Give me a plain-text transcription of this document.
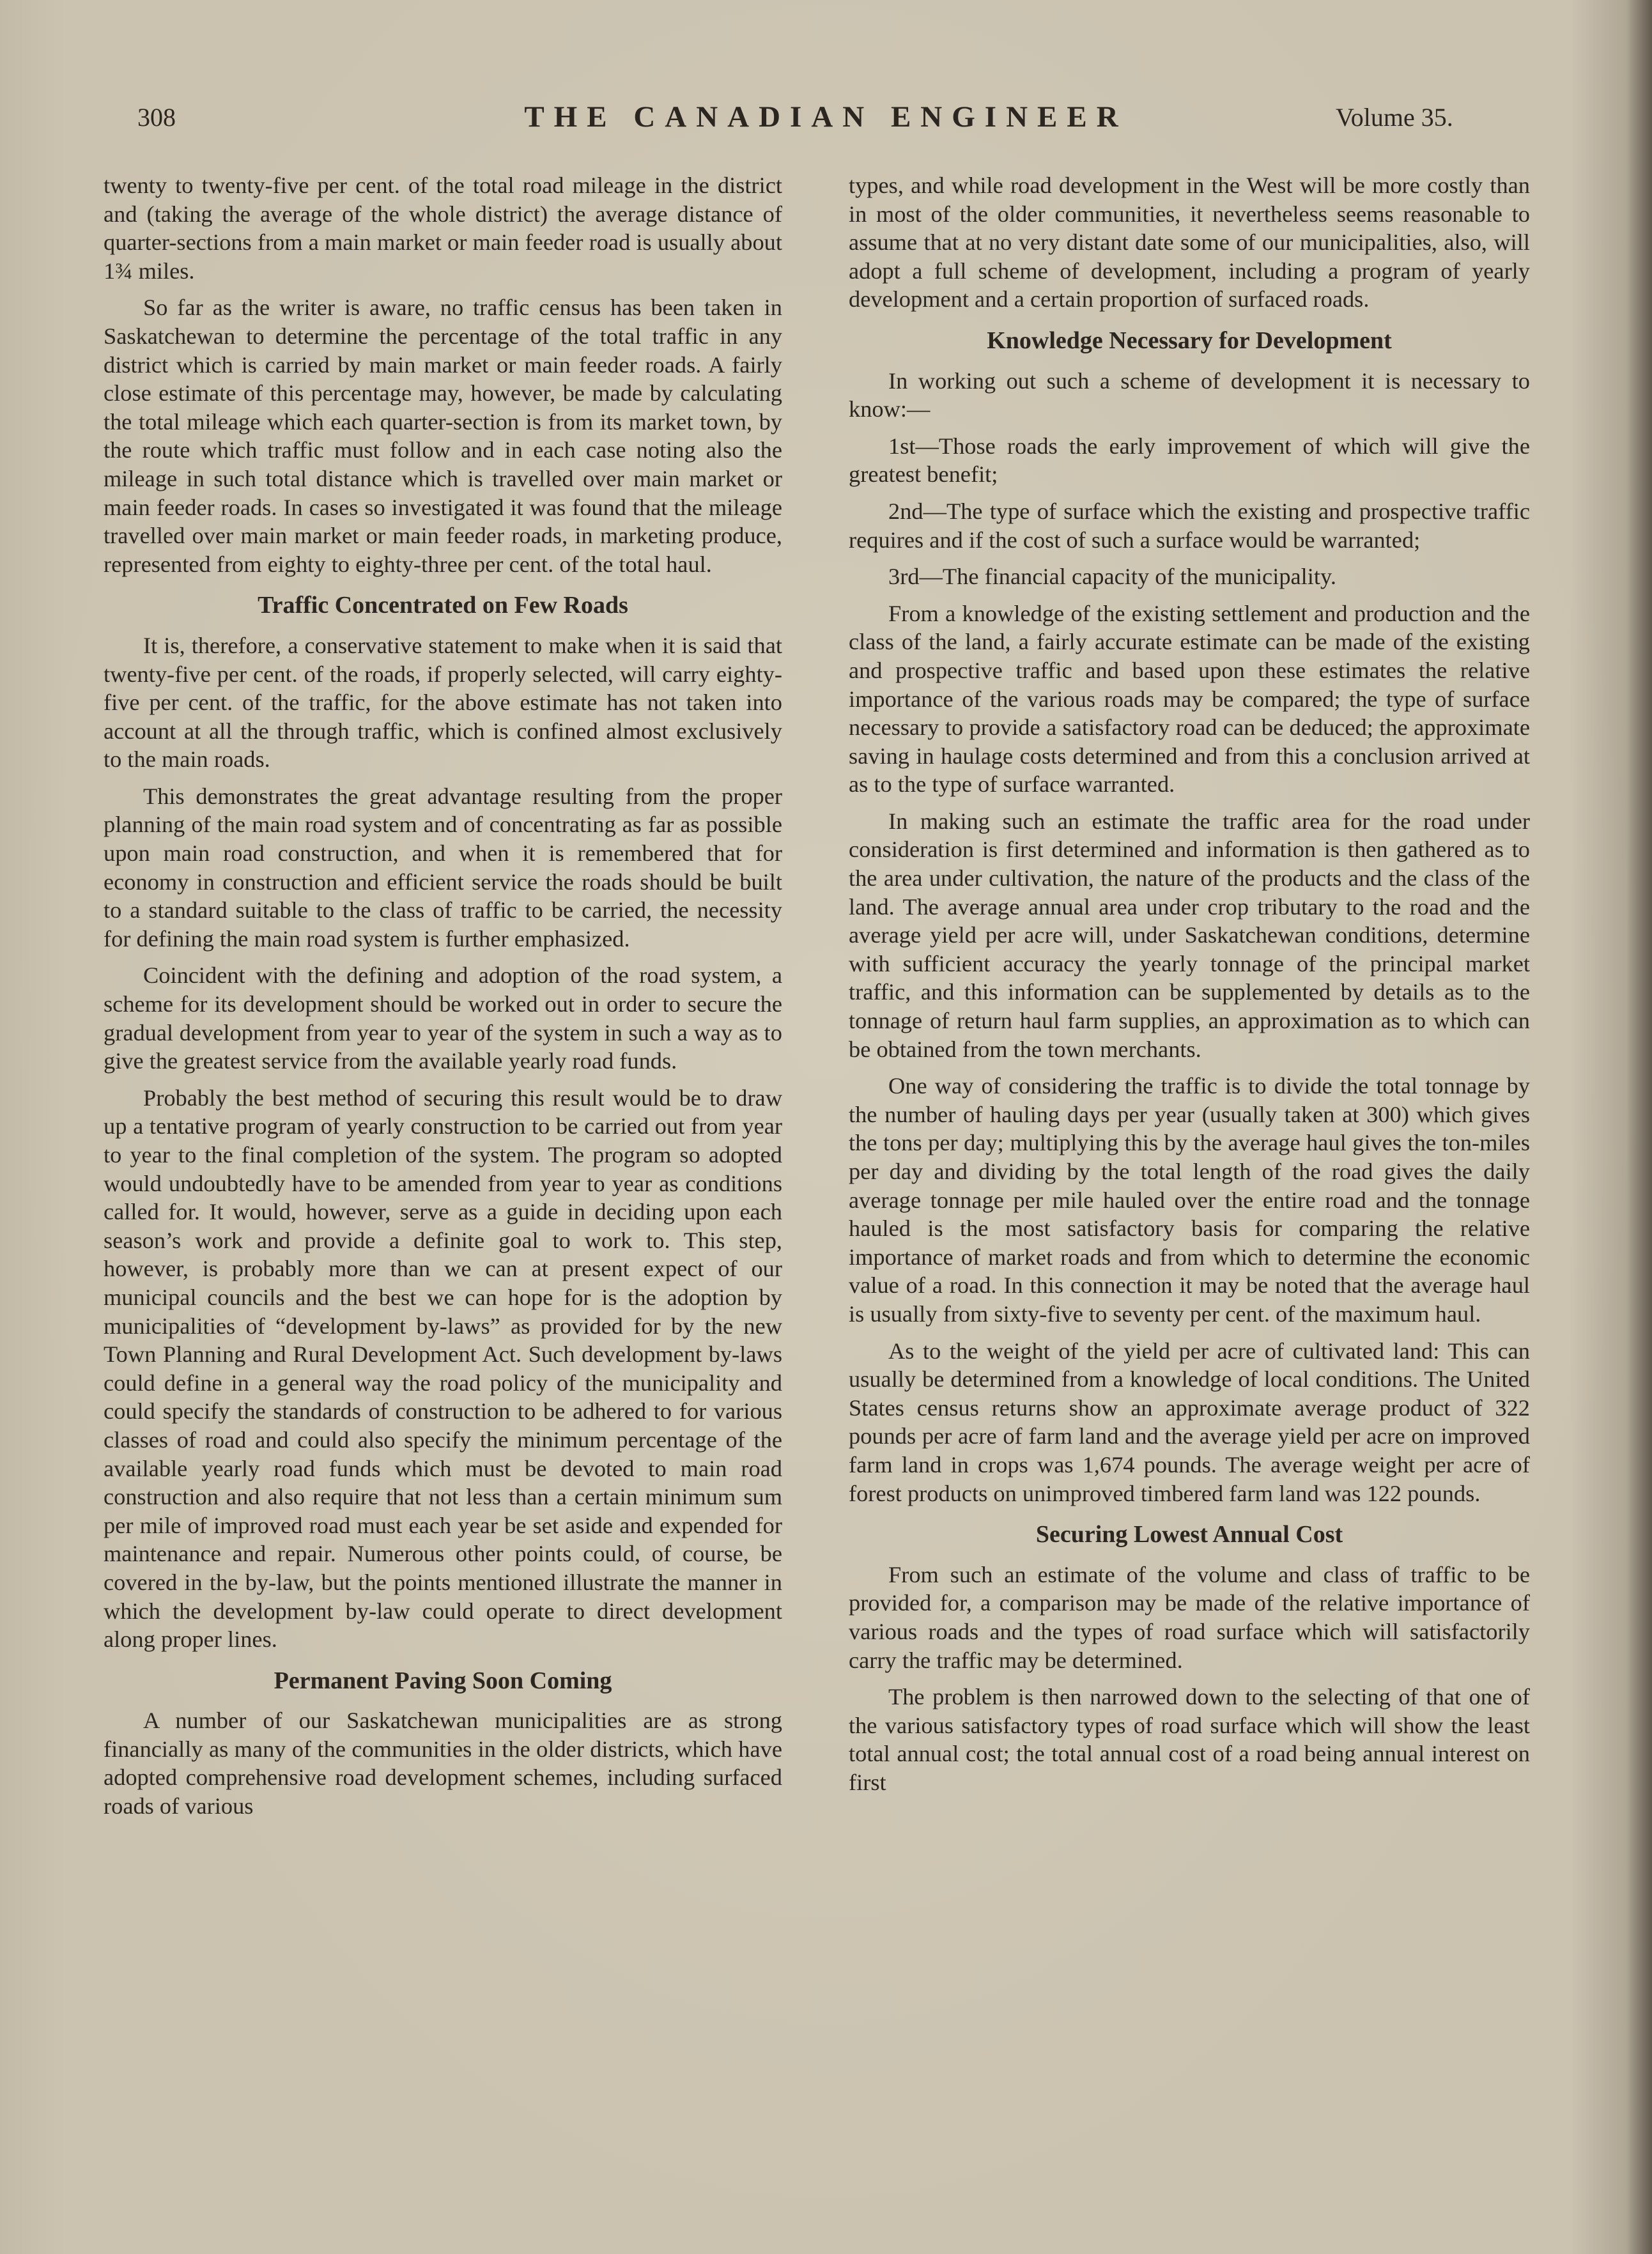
308	THE CANADIAN ENGINEER	Volume 35.

twenty to twenty-five per cent. of the total road mileage in the district and (taking the average of the whole district) the average distance of quarter-sections from a main market or main feeder road is usually about 1¾ miles.

So far as the writer is aware, no traffic census has been taken in Saskatchewan to determine the percentage of the total traffic in any district which is carried by main market or main feeder roads. A fairly close estimate of this percentage may, however, be made by calculating the total mileage which each quarter-section is from its market town, by the route which traffic must follow and in each case noting also the mileage in such total distance which is travelled over main market or main feeder roads. In cases so investigated it was found that the mileage travelled over main market or main feeder roads, in marketing produce, represented from eighty to eighty-three per cent. of the total haul.

Traffic Concentrated on Few Roads

It is, therefore, a conservative statement to make when it is said that twenty-five per cent. of the roads, if properly selected, will carry eighty-five per cent. of the traffic, for the above estimate has not taken into account at all the through traffic, which is confined almost exclusively to the main roads.

This demonstrates the great advantage resulting from the proper planning of the main road system and of concentrating as far as possible upon main road construction, and when it is remembered that for economy in construction and efficient service the roads should be built to a standard suitable to the class of traffic to be carried, the necessity for defining the main road system is further emphasized.

Coincident with the defining and adoption of the road system, a scheme for its development should be worked out in order to secure the gradual development from year to year of the system in such a way as to give the greatest service from the available yearly road funds.

Probably the best method of securing this result would be to draw up a tentative program of yearly construction to be carried out from year to year to the final completion of the system. The program so adopted would undoubtedly have to be amended from year to year as conditions called for. It would, however, serve as a guide in deciding upon each season’s work and provide a definite goal to work to. This step, however, is probably more than we can at present expect of our municipal councils and the best we can hope for is the adoption by municipalities of “development by-laws” as provided for by the new Town Planning and Rural Development Act. Such development by-laws could define in a general way the road policy of the municipality and could specify the standards of construction to be adhered to for various classes of road and could also specify the minimum percentage of the available yearly road funds which must be devoted to main road construction and also require that not less than a certain minimum sum per mile of improved road must each year be set aside and expended for maintenance and repair. Numerous other points could, of course, be covered in the by-law, but the points mentioned illustrate the manner in which the development by-law could operate to direct development along proper lines.

Permanent Paving Soon Coming

A number of our Saskatchewan municipalities are as strong financially as many of the communities in the older districts, which have adopted comprehensive road development schemes, including surfaced roads of various

types, and while road development in the West will be more costly than in most of the older communities, it nevertheless seems reasonable to assume that at no very distant date some of our municipalities, also, will adopt a full scheme of development, including a program of yearly development and a certain proportion of surfaced roads.

Knowledge Necessary for Development

In working out such a scheme of development it is necessary to know:—

1st—Those roads the early improvement of which will give the greatest benefit;

2nd—The type of surface which the existing and prospective traffic requires and if the cost of such a surface would be warranted;

3rd—The financial capacity of the municipality.

From a knowledge of the existing settlement and production and the class of the land, a fairly accurate estimate can be made of the existing and prospective traffic and based upon these estimates the relative importance of the various roads may be compared; the type of surface necessary to provide a satisfactory road can be deduced; the approximate saving in haulage costs determined and from this a conclusion arrived at as to the type of surface warranted.

In making such an estimate the traffic area for the road under consideration is first determined and information is then gathered as to the area under cultivation, the nature of the products and the class of the land. The average annual area under crop tributary to the road and the average yield per acre will, under Saskatchewan conditions, determine with sufficient accuracy the yearly tonnage of the principal market traffic, and this information can be supplemented by details as to the tonnage of return haul farm supplies, an approximation as to which can be obtained from the town merchants.

One way of considering the traffic is to divide the total tonnage by the number of hauling days per year (usually taken at 300) which gives the tons per day; multiplying this by the average haul gives the ton-miles per day and dividing by the total length of the road gives the daily average tonnage per mile hauled over the entire road and the tonnage hauled is the most satisfactory basis for comparing the relative importance of market roads and from which to determine the economic value of a road. In this connection it may be noted that the average haul is usually from sixty-five to seventy per cent. of the maximum haul.

As to the weight of the yield per acre of cultivated land: This can usually be determined from a knowledge of local conditions. The United States census returns show an approximate average product of 322 pounds per acre of farm land and the average yield per acre on improved farm land in crops was 1,674 pounds. The average weight per acre of forest products on unimproved timbered farm land was 122 pounds.

Securing Lowest Annual Cost

From such an estimate of the volume and class of traffic to be provided for, a comparison may be made of the relative importance of various roads and the types of road surface which will satisfactorily carry the traffic may be determined.

The problem is then narrowed down to the selecting of that one of the various satisfactory types of road surface which will show the least total annual cost; the total annual cost of a road being annual interest on first
